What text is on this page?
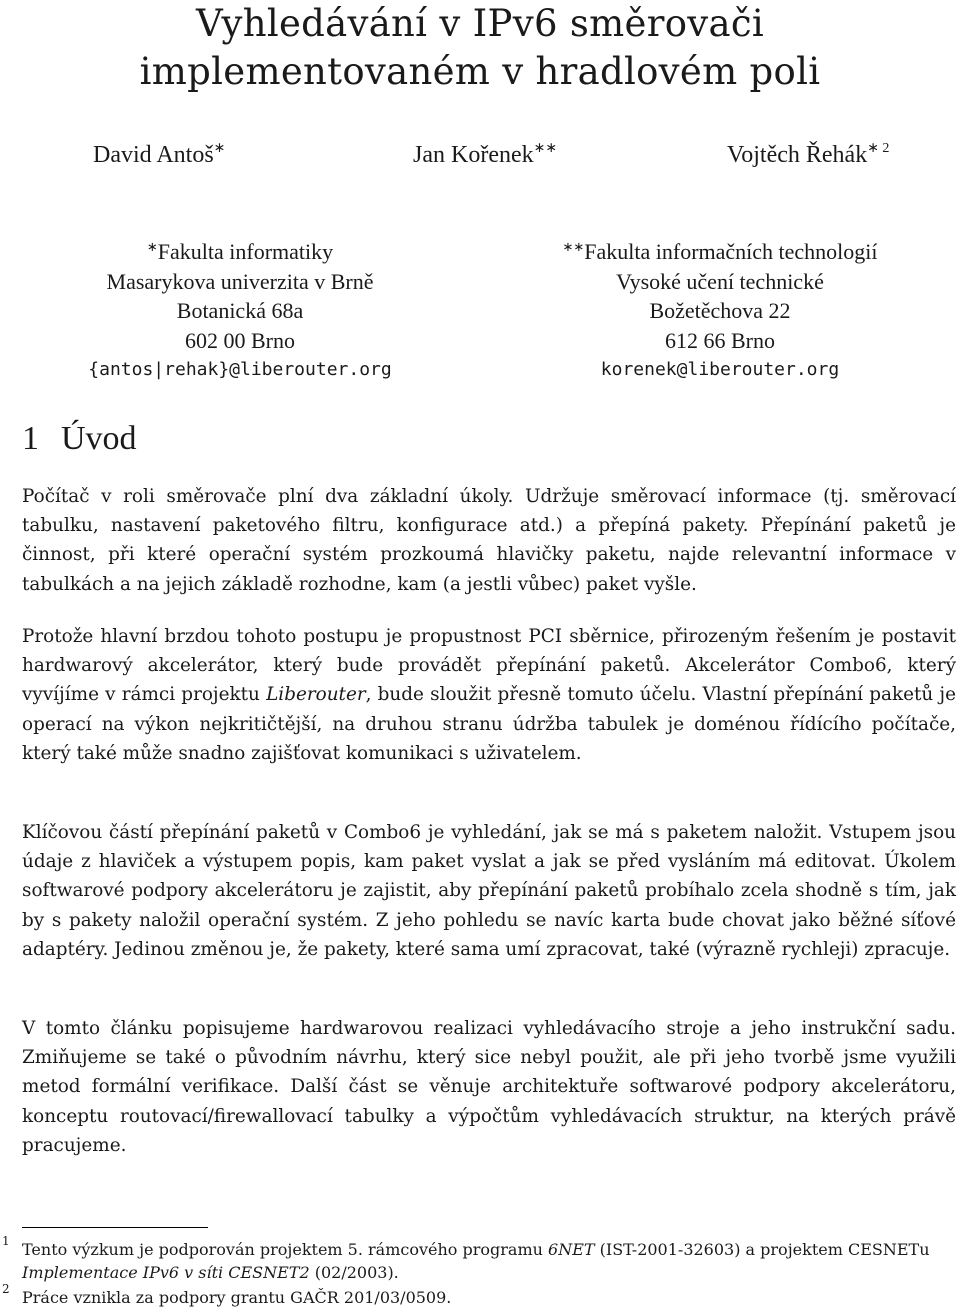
Vyhledávání v IPv6 směrovači
implementovaném v hradlovém poli
David Antoš∗	Jan Kořenek∗∗	Vojtěch Řehák$^{∗ 2}$
∗Fakulta informatiky
Masarykova univerzita v Brně
Botanická 68a
602 00 Brno
{antos|rehak}@liberouter.org
∗∗Fakulta informačních technologií
Vysoké učení technické
Božetěchova 22
612 66 Brno
korenek@liberouter.org
1 Úvod

Počítač v roli směrovače plní dva základní úkoly. Udržuje směrovací informace (tj. směrovací tabulku, nastavení paketového filtru, konfigurace atd.) a přepíná pakety. Přepínání paketů je činnost, při které operační systém prozkoumá hlavičky paketu, najde relevantní informace v tabulkách a na jejich základě rozhodne, kam (a jestli vůbec) paket vyšle.

Protože hlavní brzdou tohoto postupu je propustnost PCI sběrnice, přirozeným řešením je postavit hardwarový akcelerátor, který bude provádět přepínání paketů. Akcelerátor Combo6, který vyvíjíme v rámci projektu Liberouter, bude sloužit přesně tomuto účelu. Vlastní přepínání paketů je operací na výkon nejkritičtější, na druhou stranu údržba tabulek je doménou řídícího počítače, který také může snadno zajišťovat komunikaci s uživatelem.

Klíčovou částí přepínání paketů v Combo6 je vyhledání, jak se má s paketem naložit. Vstupem jsou údaje z hlaviček a výstupem popis, kam paket vyslat a jak se před vysláním má editovat. Úkolem softwarové podpory akcelerátoru je zajistit, aby přepínání paketů probíhalo zcela shodně s tím, jak by s pakety naložil operační systém. Z jeho pohledu se navíc karta bude chovat jako běžné síťové adaptéry. Jedinou změnou je, že pakety, které sama umí zpracovat, také (výrazně rychleji) zpracuje.

V tomto článku popisujeme hardwarovou realizaci vyhledávacího stroje a jeho instrukční sadu. Zmiňujeme se také o původním návrhu, který sice nebyl použit, ale při jeho tvorbě jsme využili metod formální verifikace. Další část se věnuje architektuře softwarové podpory akcelerátoru, konceptu routovací/firewallovací tabulky a výpočtům vyhledávacích struktur, na kterých právě pracujeme.

1 Tento výzkum je podporován projektem 5. rámcového programu 6NET (IST-2001-32603) a projektem CESNETu Implementace IPv6 v síti CESNET2 (02/2003).
2 Práce vznikla za podpory grantu GAČR 201/03/0509.
